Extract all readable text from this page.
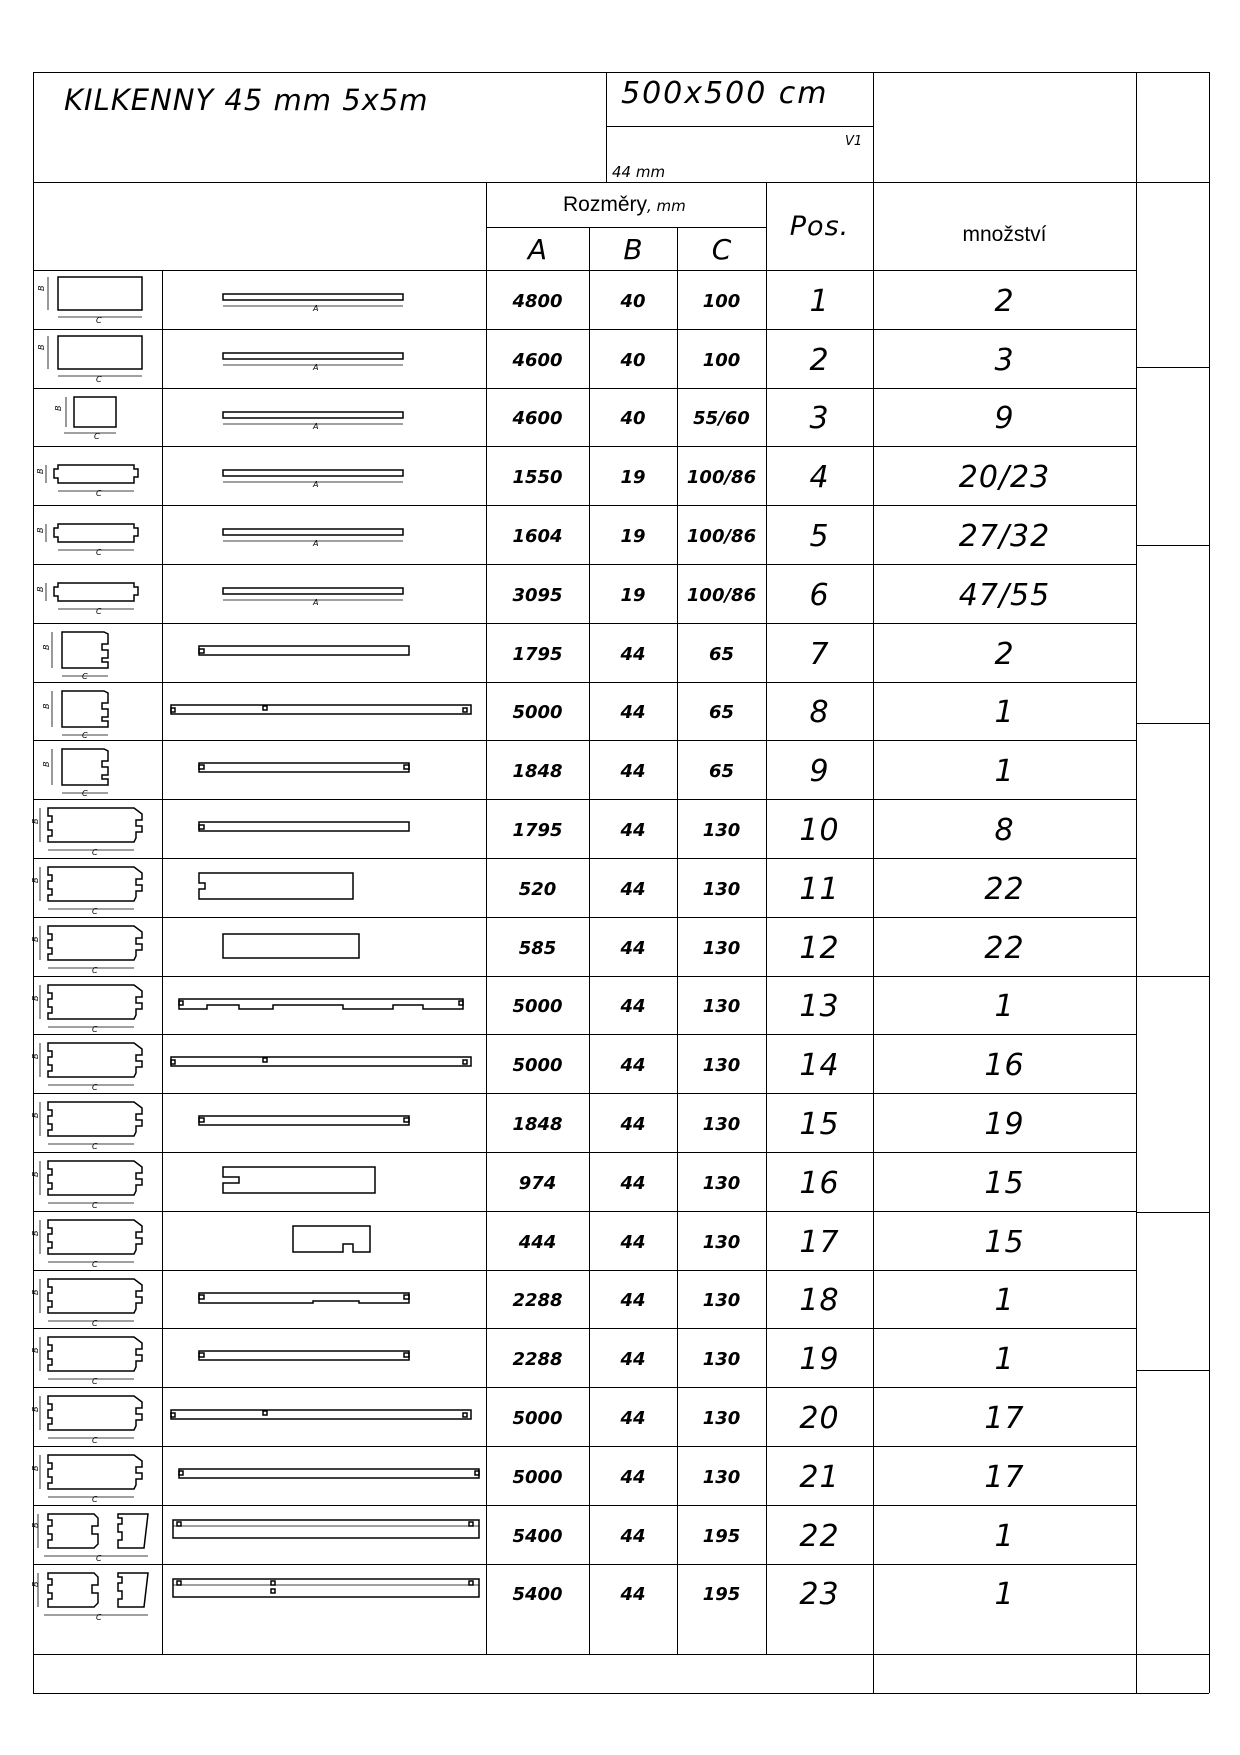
KILKENNY 45 mm 5x5m	500x500 cm
V1
44 mm
Rozměry, mm
A	B	C
Pos.	množství
4800	40	100	1	2
B
C
A
4600	40	100	2	3
B
C
A
4600	40	55/60	3	9
B
C
A
1550	19	100/86	4	20/23
B
C
A
1604	19	100/86	5	27/32
B
C
A
3095	19	100/86	6	47/55
B
C
A
1795	44	65	7	2
B
C
5000	44	65	8	1
B
C
1848	44	65	9	1
B
C
1795	44	130	10	8
B
C
520	44	130	11	22
B
C
585	44	130	12	22
B
C
5000	44	130	13	1
B
C
5000	44	130	14	16
B
C
1848	44	130	15	19
B
C
974	44	130	16	15
B
C
444	44	130	17	15
B
C
2288	44	130	18	1
B
C
2288	44	130	19	1
B
C
5000	44	130	20	17
B
C
5000	44	130	21	17
B
C
5400	44	195	22	1
B
C
5400	44	195	23	1
B
C
